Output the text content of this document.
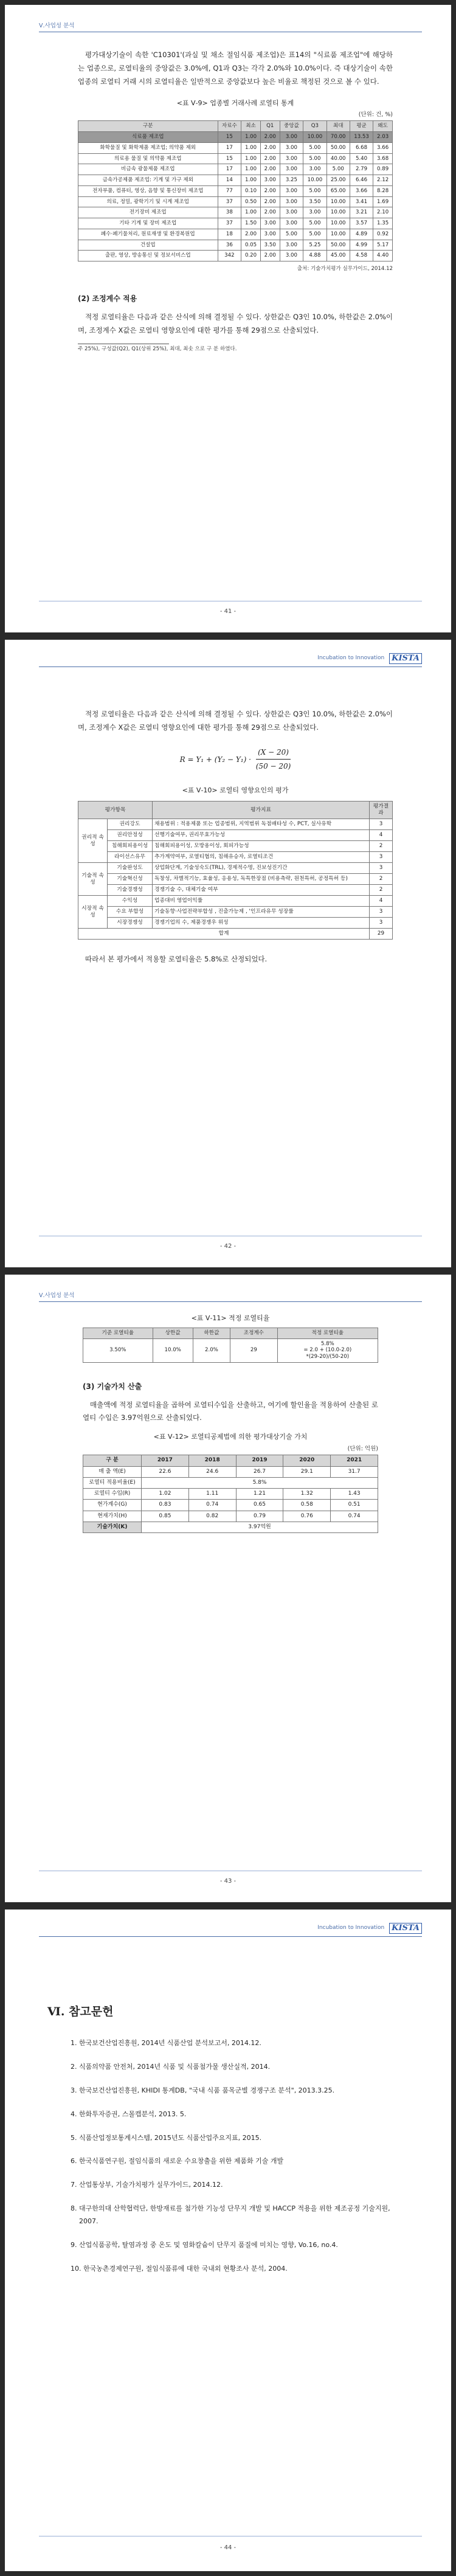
Ⅴ.사업성 분석

평가대상기술이 속한 'C10301'(과실 및 채소 절임식품 제조업)은 표14의 "식료품 제조업"에 해당하는 업종으로, 로열티율의 중앙값은 3.0%에, Q1과 Q3는 각각 2.0%와 10.0%이다. 즉 대상기술이 속한 업종의 로열티 거래 시의 로열티율은 일반적으로 중앙값보다 높은 비율로 책정된 것으로 볼 수 있다.

<표 Ⅴ-9> 업종별 거래사례 로열티 통계
(단위: 건, %)
구분	자료수	최소	Q1	중앙값	Q3	최대	평균	왜도
식료품 제조업	15	1.00	2.00	3.00	10.00	70.00	13.53	2.03
화학물질 및 화학제품 제조업; 의약품 제외	17	1.00	2.00	3.00	5.00	50.00	6.68	3.66
의료용 물질 및 의약품 제조업	15	1.00	2.00	3.00	5.00	40.00	5.40	3.68
비금속 광물제품 제조업	17	1.00	2.00	3.00	3.00	5.00	2.79	0.89
금속가공제품 제조업: 기계 및 가구 제외	14	1.00	3.00	3.25	10.00	25.00	6.46	2.12
전자부품, 컴퓨터, 영상, 음향 및 통신장비 제조업	77	0.10	2.00	3.00	5.00	65.00	3.66	8.28
의료, 정밀, 광학기기 및 시계 제조업	37	0.50	2.00	3.00	3.50	10.00	3.41	1.69
전기장비 제조업	38	1.00	2.00	3.00	3.00	10.00	3.21	2.10
기타 기계 및 장비 제조업	37	1.50	3.00	3.00	5.00	10.00	3.57	1.35
폐수·폐기물처리, 원료재생 및 환경복원업	18	2.00	3.00	5.00	5.00	10.00	4.89	0.92
건설업	36	0.05	3.50	3.00	5.25	50.00	4.99	5.17
출판, 영상, 방송통신 및 정보서비스업	342	0.20	2.00	3.00	4.88	45.00	4.58	4.40
출처: 기술가치평가 실무가이드, 2014.12
(2) 조정계수 적용

적정 로열티율은 다음과 같은 산식에 의해 결정될 수 있다. 상한값은 Q3인 10.0%, 하한값은 2.0%이며, 조정계수 X값은 로열티 영향요인에 대한 평가를 통해 29점으로 산출되었다.

주 25%), 구성값(Q2), Q1(상위 25%), 최대, 최솟 으로 구 분 하였다.
- 41 -
Incubation to Innovation KISTA

적정 로열티율은 다음과 같은 산식에 의해 결정될 수 있다. 상한값은 Q3인 10.0%, 하한값은 2.0%이며, 조정계수 X값은 로열티 영향요인에 대한 평가를 통해 29점으로 산출되었다.

$R = Y_1 + (Y_2 - Y_1) \cdot \frac{(X - 20)}{(50 - 20)}$
<표 Ⅴ-10> 로열티 영향요인의 평가
평가항목		평가지표	평가결과
권리적 속성	권리강도	채용범위 : 적용제품 또는 업종범위, 지역범위 독점배타성 수, PCT, 실사유학	3
	권리안정성	선행기술여부, 권리무효가능성	4
	침해회피용이성	침해회피용이성, 모방용이성, 회피가능성	2
	라이선스유무	추가계약여부, 로열티협의, 침해유승자, 로열티조건	3
기술적 속성	기술완성도	상업화단계, 기술성숙도(TRL), 경제적수명, 진보성진기간	3
	기술혁신성	독창성, 차별적기능, 효율성, 응용성, 독특한장점 (비용측략, 원천특허, 공정특허 등)	2
	기술경쟁성	경쟁기술 수, 대체기술 여부	2
시장적 속성	수익성	업종대비 영업이익률	4
	수요 부합성	기술동향·사업전략부합성 , 진출가능제 , '인프라유무 성장률	3
	시장경쟁성	경쟁기업의 수, 제품경쟁우 위성	3
합계			29

따라서 본 평가에서 적용할 로열티율은 5.8%로 산정되었다.

- 42 -
Ⅴ.사업성 분석
<표 Ⅴ-11> 적정 로열티율
기준 로열티율	상한값	하한값	조정계수	적정 로열티율
3.50%	10.0%	2.0%	29	5.8%
= 2.0 + (10.0-2.0)
*(29-20)/(50-20)
(3) 기술가치 산출

매출액에 적정 로열티율을 곱하여 로열티수입을 산출하고, 여기에 할인율을 적용하여 산출된 로열티 수입은 3.97억원으로 산출되었다.

<표 Ⅴ-12> 로열티공제법에 의한 평가대상기술 가치
(단위: 억원)
구 분	2017	2018	2019	2020	2021
매 출 액(E)	22.6	24.6	26.7	29.1	31.7
로열티 적용비율(E)	5.8%				
로열티 수입(R)	1.02	1.11	1.21	1.32	1.43
현가계수(G)	0.83	0.74	0.65	0.58	0.51
현재가치(H)	0.85	0.82	0.79	0.76	0.74
기술가치(K)	3.97억원				
- 43 -
Incubation to Innovation KISTA
Ⅵ. 참고문헌
1. 한국보건산업진흥원, 2014년 식품산업 분석보고서, 2014.12.
2. 식품의약품 안전처, 2014년 식품 및 식품첨가물 생산실적, 2014.
3. 한국보건산업진흥원, KHIDI 통계DB, "국내 식품 품목군별 경쟁구조 분석", 2013.3.25.
4. 한화투자증권, 스몰캡분석, 2013. 5.
5. 식품산업정보통계시스템, 2015년도 식품산업주요지표, 2015.
6. 한국식품연구원, 절임식품의 새로운 수요창출을 위한 제품화 기술 개발
7. 산업통상부, 기술가치평가 실무가이드, 2014.12.
8. 대구한의대 산학협력단, 한방재료를 첨가한 기능성 단무지 개발 및 HACCP 적용을 위한 제조공정 기술지원, 2007.
9. 산업식품공학, 탈염과정 중 온도 및 염화칼슘이 단무지 품질에 미치는 영향, Vo.16, no.4.
10. 한국농촌경제연구원, 절임식품류에 대한 국내외 현황조사 분석, 2004.
- 44 -
